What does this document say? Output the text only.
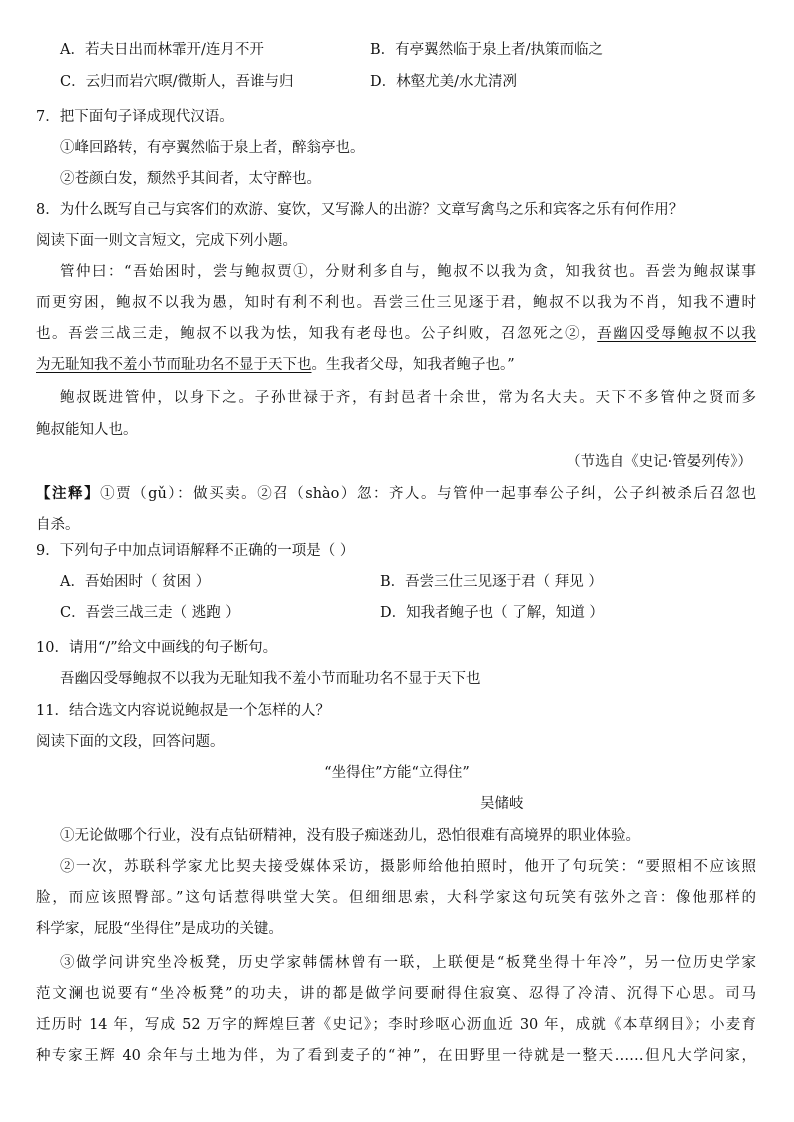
A．若夫日出而林霏开/连月不开	B．有亭翼然临于泉上者/执策而临之
C．云归而岩穴暝/微斯人，吾谁与归	D．林壑尤美/水尤清冽
7．把下面句子译成现代汉语。
①峰回路转，有亭翼然临于泉上者，醉翁亭也。
②苍颜白发，颓然乎其间者，太守醉也。
8．为什么既写自己与宾客们的欢游、宴饮，又写滁人的出游？文章写禽鸟之乐和宾客之乐有何作用？
阅读下面一则文言短文，完成下列小题。
管仲曰：“吾始困时，尝与鲍叔贾①，分财利多自与，鲍叔不以我为贪，知我贫也。吾尝为鲍叔谋事
而更穷困，鲍叔不以我为愚，知时有利不利也。吾尝三仕三见逐于君，鲍叔不以我为不肖，知我不遭时
也。吾尝三战三走，鲍叔不以我为怯，知我有老母也。公子纠败，召忽死之②，吾幽囚受辱鲍叔不以我
为无耻知我不羞小节而耻功名不显于天下也。生我者父母，知我者鲍子也。”
鲍叔既进管仲，以身下之。子孙世禄于齐，有封邑者十余世，常为名大夫。天下不多管仲之贤而多
鲍叔能知人也。
（节选自《史记·管晏列传》）
【注释】①贾（gǔ）：做买卖。②召（shào）忽：齐人。与管仲一起事奉公子纠，公子纠被杀后召忽也
自杀。
9．下列句子中加点词语解释不正确的一项是（ ）
A．吾始困时（ 贫困 ）	B．吾尝三仕三见逐于君（ 拜见 ）
C．吾尝三战三走（ 逃跑 ）	D．知我者鲍子也（ 了解，知道 ）
10．请用“/”给文中画线的句子断句。
吾幽囚受辱鲍叔不以我为无耻知我不羞小节而耻功名不显于天下也
11．结合选文内容说说鲍叔是一个怎样的人？
阅读下面的文段，回答问题。
“坐得住”方能“立得住”
吴储岐
①无论做哪个行业，没有点钻研精神，没有股子痴迷劲儿，恐怕很难有高境界的职业体验。
②一次，苏联科学家尤比契夫接受媒体采访，摄影师给他拍照时，他开了句玩笑：“要照相不应该照
脸，而应该照臀部。”这句话惹得哄堂大笑。但细细思索，大科学家这句玩笑有弦外之音：像他那样的
科学家，屁股“坐得住”是成功的关键。
③做学问讲究坐冷板凳，历史学家韩儒林曾有一联，上联便是“板凳坐得十年冷”，另一位历史学家
范文澜也说要有“坐冷板凳”的功夫，讲的都是做学问要耐得住寂寞、忍得了冷清、沉得下心思。司马
迁历时 14 年，写成 52 万字的辉煌巨著《史记》；李时珍呕心沥血近 30 年，成就《本草纲目》；小麦育
种专家王辉 40 余年与土地为伴，为了看到麦子的“神”，在田野里一待就是一整天……但凡大学问家，
